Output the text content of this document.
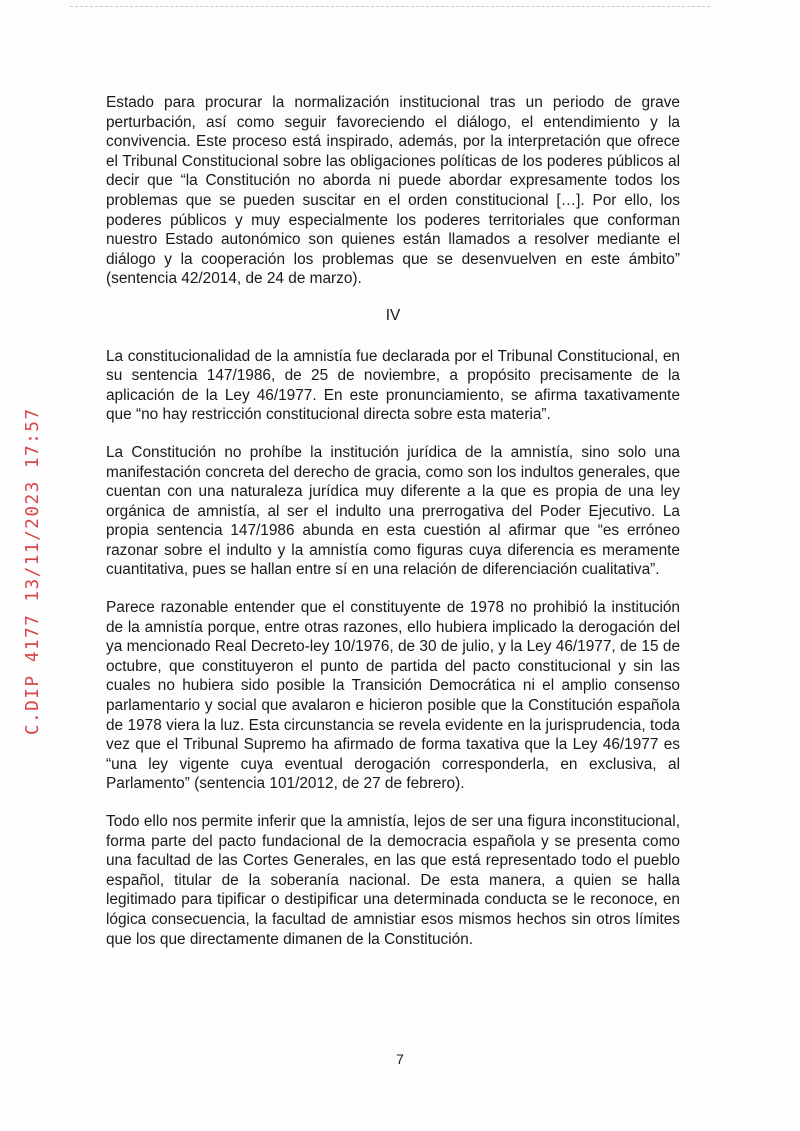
C.DIP 4177 13/11/2023 17:57

Estado para procurar la normalización institucional tras un periodo de grave perturbación, así como seguir favoreciendo el diálogo, el entendimiento y la convivencia. Este proceso está inspirado, además, por la interpretación que ofrece el Tribunal Constitucional sobre las obligaciones políticas de los poderes públicos al decir que “la Constitución no aborda ni puede abordar expresamente todos los problemas que se pueden suscitar en el orden constitucional […]. Por ello, los poderes públicos y muy especialmente los poderes territoriales que conforman nuestro Estado autonómico son quienes están llamados a resolver mediante el diálogo y la cooperación los problemas que se desenvuelven en este ámbito” (sentencia 42/2014, de 24 de marzo).

IV

La constitucionalidad de la amnistía fue declarada por el Tribunal Constitucional, en su sentencia 147/1986, de 25 de noviembre, a propósito precisamente de la aplicación de la Ley 46/1977. En este pronunciamiento, se afirma taxativamente que “no hay restricción constitucional directa sobre esta materia”.

La Constitución no prohíbe la institución jurídica de la amnistía, sino solo una manifestación concreta del derecho de gracia, como son los indultos generales, que cuentan con una naturaleza jurídica muy diferente a la que es propia de una ley orgánica de amnistía, al ser el indulto una prerrogativa del Poder Ejecutivo. La propia sentencia 147/1986 abunda en esta cuestión al afirmar que “es erróneo razonar sobre el indulto y la amnistía como figuras cuya diferencia es meramente cuantitativa, pues se hallan entre sí en una relación de diferenciación cualitativa”.

Parece razonable entender que el constituyente de 1978 no prohibió la institución de la amnistía porque, entre otras razones, ello hubiera implicado la derogación del ya mencionado Real Decreto-ley 10/1976, de 30 de julio, y la Ley 46/1977, de 15 de octubre, que constituyeron el punto de partida del pacto constitucional y sin las cuales no hubiera sido posible la Transición Democrática ni el amplio consenso parlamentario y social que avalaron e hicieron posible que la Constitución española de 1978 viera la luz. Esta circunstancia se revela evidente en la jurisprudencia, toda vez que el Tribunal Supremo ha afirmado de forma taxativa que la Ley 46/1977 es “una ley vigente cuya eventual derogación corresponderla, en exclusiva, al Parlamento” (sentencia 101/2012, de 27 de febrero).

Todo ello nos permite inferir que la amnistía, lejos de ser una figura inconstitucional, forma parte del pacto fundacional de la democracia española y se presenta como una facultad de las Cortes Generales, en las que está representado todo el pueblo español, titular de la soberanía nacional. De esta manera, a quien se halla legitimado para tipificar o destipificar una determinada conducta se le reconoce, en lógica consecuencia, la facultad de amnistiar esos mismos hechos sin otros límites que los que directamente dimanen de la Constitución.

7
